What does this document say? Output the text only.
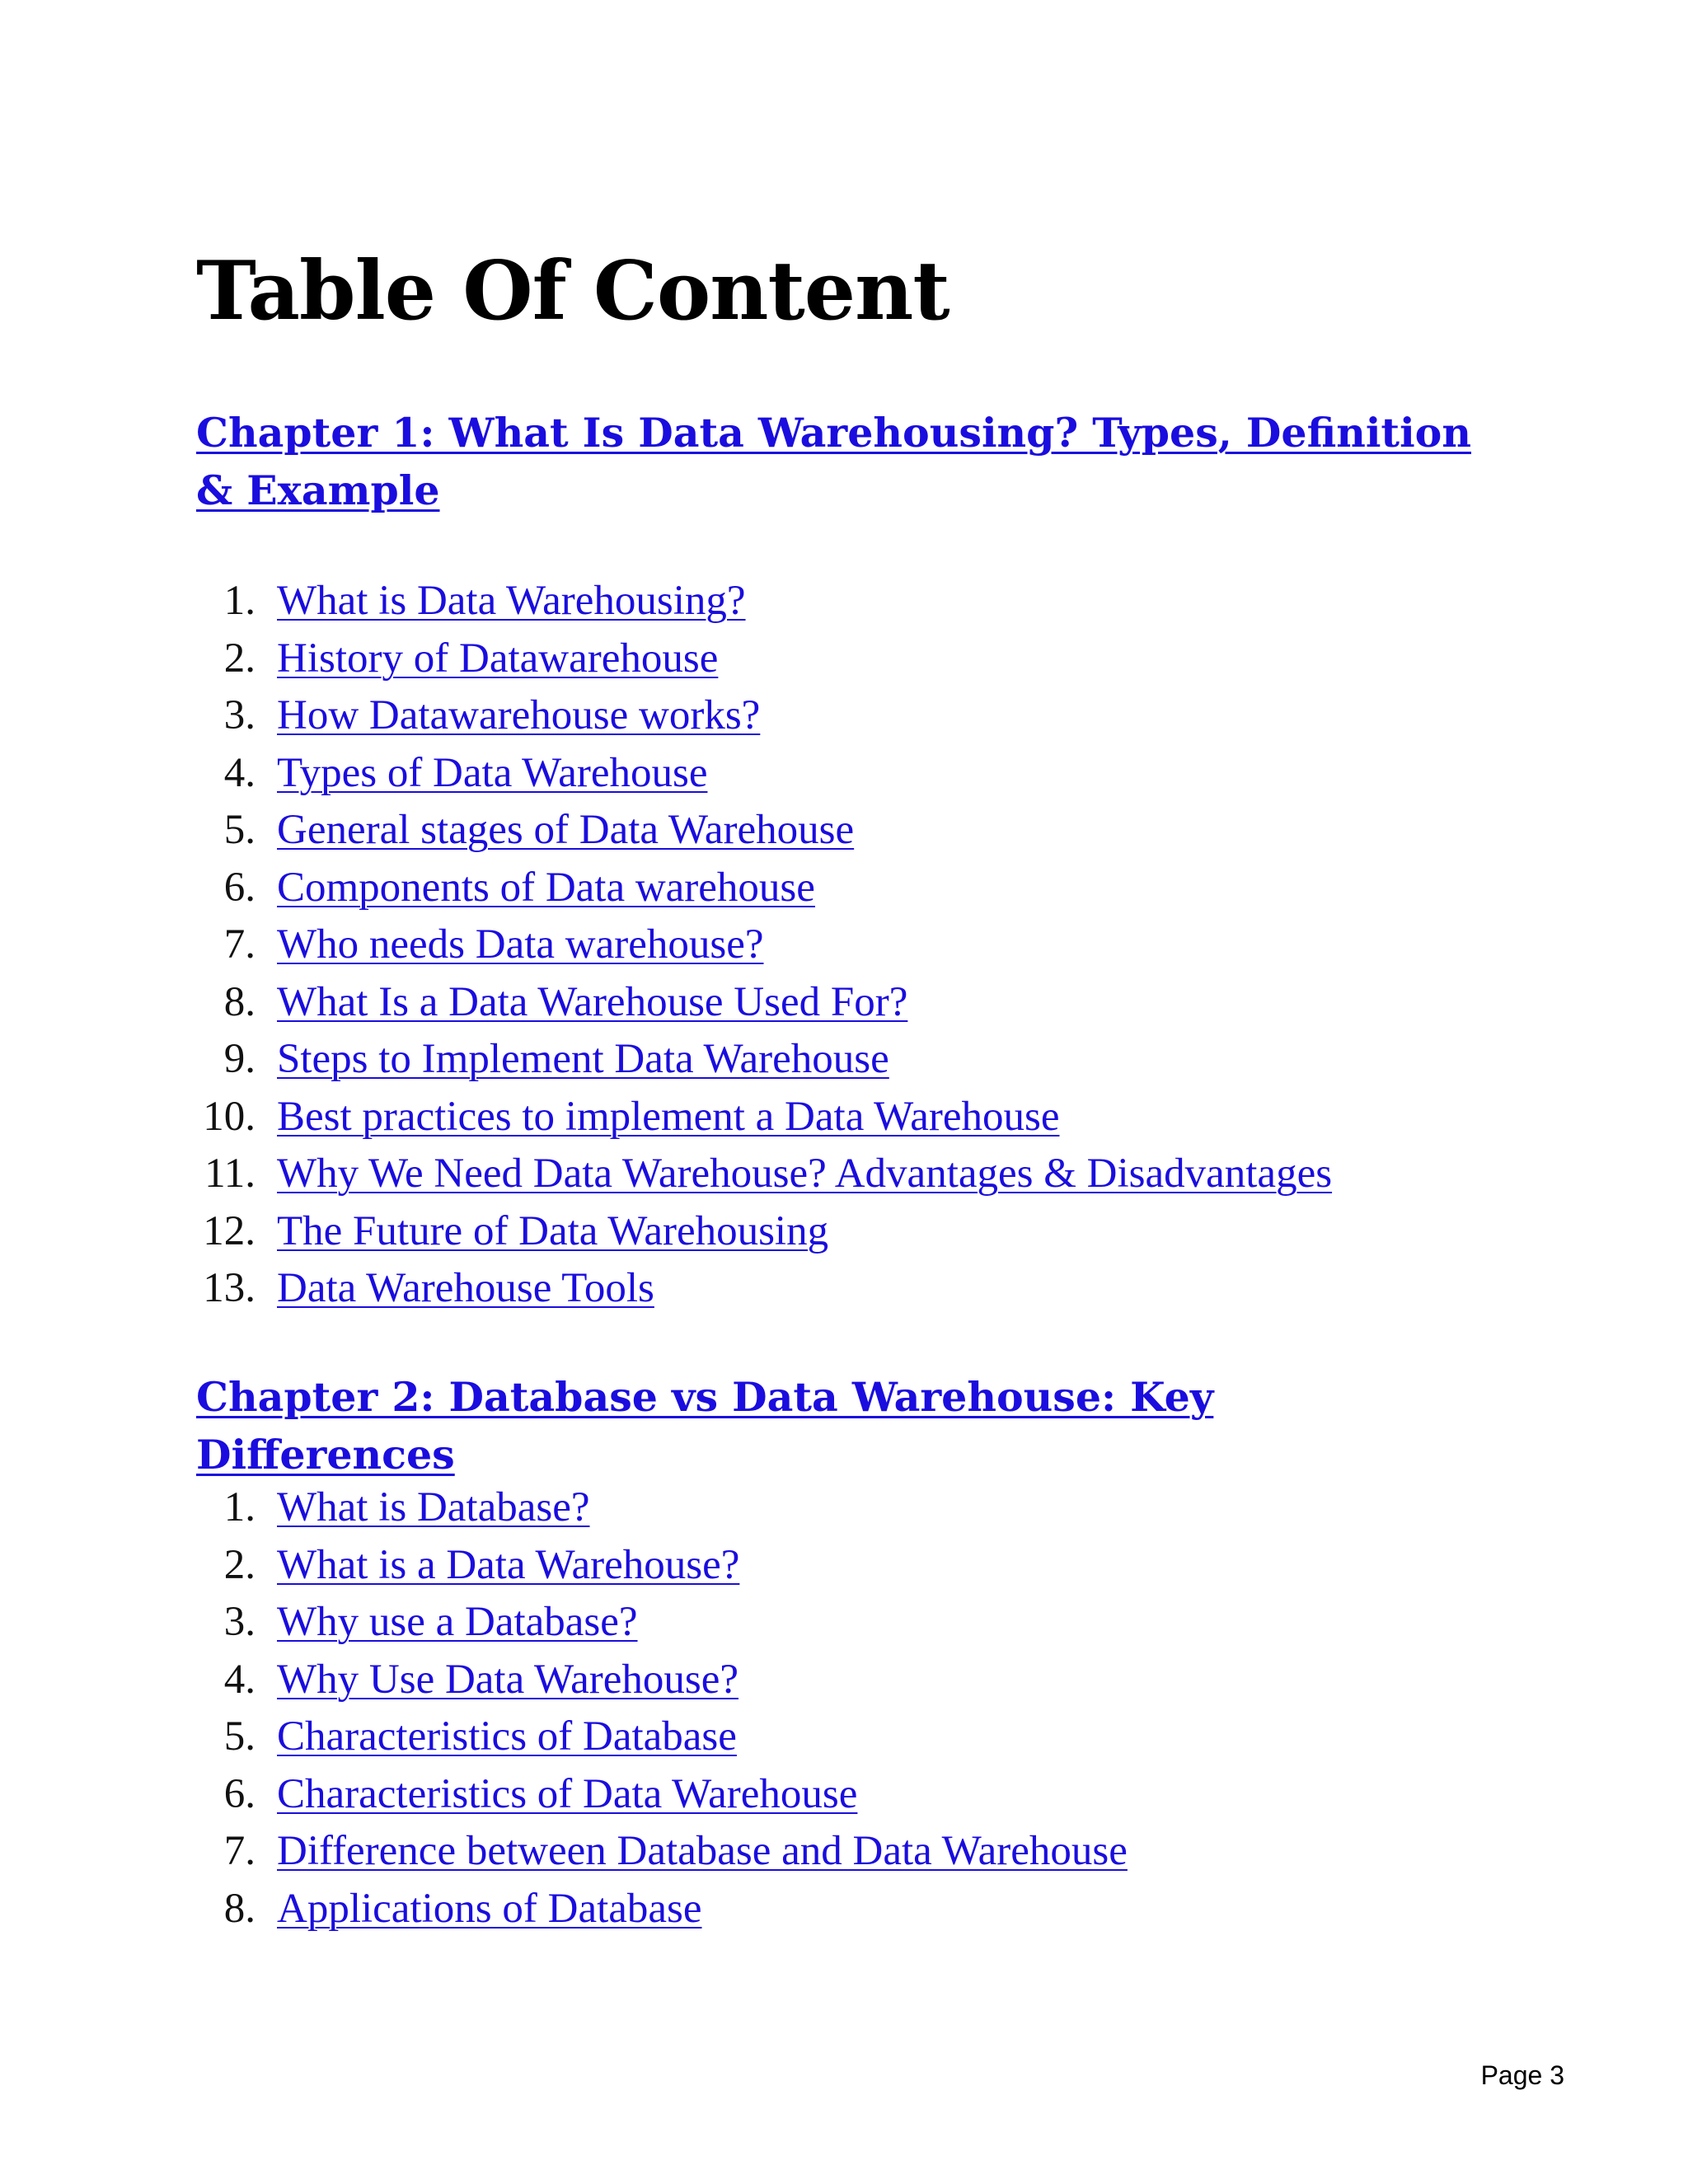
Table Of Content
Chapter 1: What Is Data Warehousing? Types, Definition & Example
1. What is Data Warehousing?
2. History of Datawarehouse
3. How Datawarehouse works?
4. Types of Data Warehouse
5. General stages of Data Warehouse
6. Components of Data warehouse
7. Who needs Data warehouse?
8. What Is a Data Warehouse Used For?
9. Steps to Implement Data Warehouse
10. Best practices to implement a Data Warehouse
11. Why We Need Data Warehouse? Advantages & Disadvantages
12. The Future of Data Warehousing
13. Data Warehouse Tools
Chapter 2: Database vs Data Warehouse: Key Differences
1. What is Database?
2. What is a Data Warehouse?
3. Why use a Database?
4. Why Use Data Warehouse?
5. Characteristics of Database
6. Characteristics of Data Warehouse
7. Difference between Database and Data Warehouse
8. Applications of Database
Page 3
